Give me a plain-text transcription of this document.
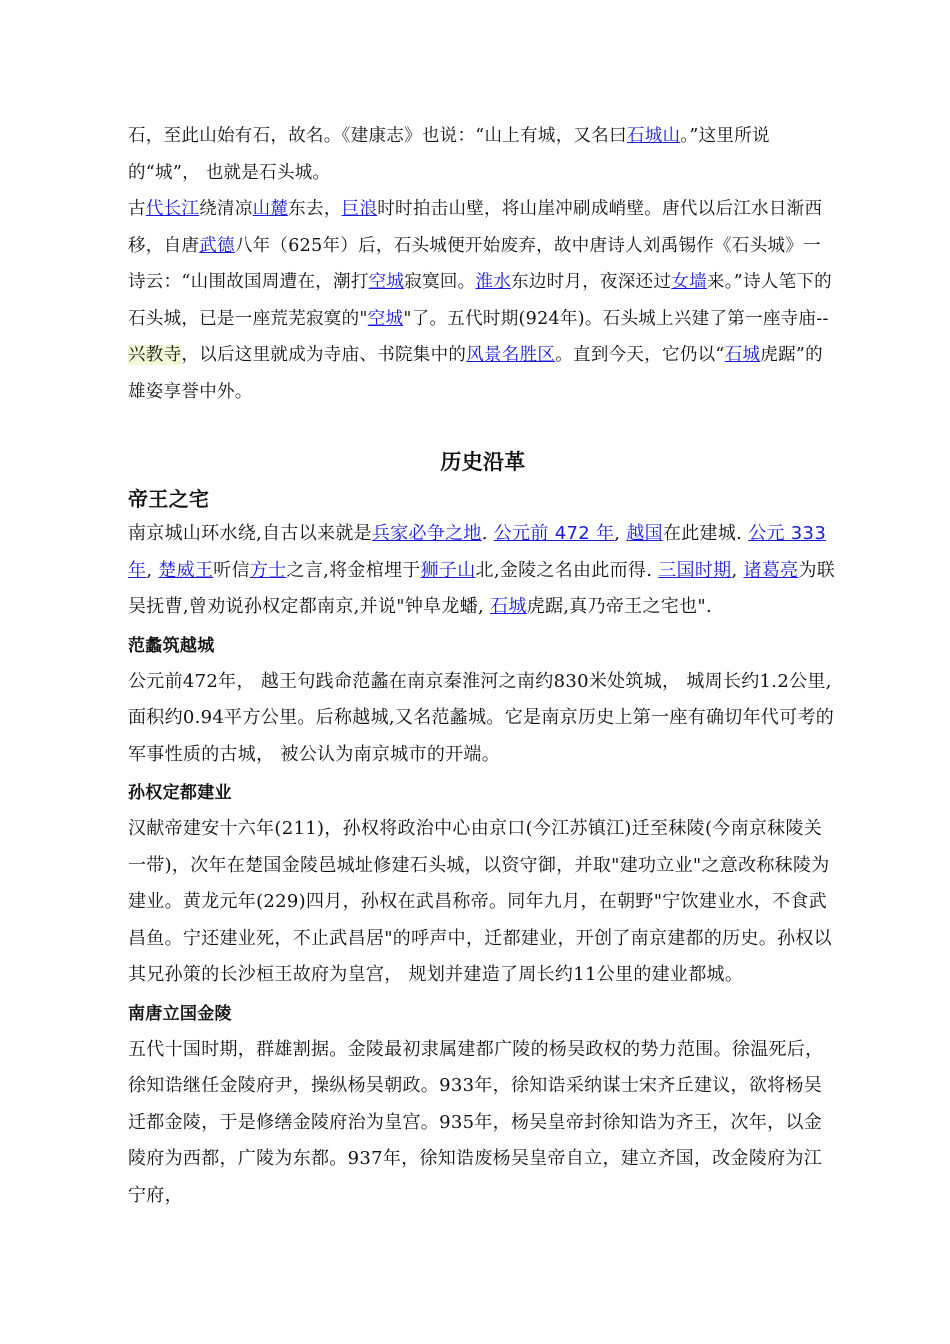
石，至此山始有石，故名。《建康志》也说：“山上有城，又名曰石城山。”这里所说的“城”， 也就是石头城。

古代长江绕清凉山麓东去，巨浪时时拍击山壁，将山崖冲刷成峭壁。唐代以后江水日渐西移，自唐武德八年（625年）后，石头城便开始废弃，故中唐诗人刘禹锡作《石头城》一诗云：“山围故国周遭在，潮打空城寂寞回。淮水东边时月，夜深还过女墙来。”诗人笔下的石头城，已是一座荒芜寂寞的"空城"了。五代时期(924年)。石头城上兴建了第一座寺庙--兴教寺，以后这里就成为寺庙、书院集中的风景名胜区。直到今天，它仍以“石城虎踞”的雄姿享誉中外。

历史沿革
帝王之宅

南京城山环水绕,自古以来就是兵家必争之地. 公元前 472 年, 越国在此建城. 公元 333 年, 楚威王听信方士之言,将金棺埋于狮子山北,金陵之名由此而得. 三国时期, 诸葛亮为联吴抚曹,曾劝说孙权定都南京,并说"钟阜龙蟠, 石城虎踞,真乃帝王之宅也".

范蠡筑越城

公元前472年， 越王句践命范蠡在南京秦淮河之南约830米处筑城， 城周长约1.2公里,面积约0.94平方公里。后称越城,又名范蠡城。它是南京历史上第一座有确切年代可考的军事性质的古城， 被公认为南京城市的开端。

孙权定都建业

汉献帝建安十六年(211)，孙权将政治中心由京口(今江苏镇江)迁至秣陵(今南京秣陵关一带)，次年在楚国金陵邑城址修建石头城，以资守御，并取"建功立业"之意改称秣陵为建业。黄龙元年(229)四月，孙权在武昌称帝。同年九月，在朝野"宁饮建业水，不食武昌鱼。宁还建业死，不止武昌居"的呼声中，迁都建业，开创了南京建都的历史。孙权以其兄孙策的长沙桓王故府为皇宫， 规划并建造了周长约11公里的建业都城。

南唐立国金陵

五代十国时期，群雄割据。金陵最初隶属建都广陵的杨吴政权的势力范围。徐温死后，徐知诰继任金陵府尹，操纵杨吴朝政。933年，徐知诰采纳谋士宋齐丘建议，欲将杨吴迁都金陵，于是修缮金陵府治为皇宫。935年，杨吴皇帝封徐知诰为齐王，次年，以金陵府为西都，广陵为东都。937年，徐知诰废杨吴皇帝自立，建立齐国，改金陵府为江宁府，
